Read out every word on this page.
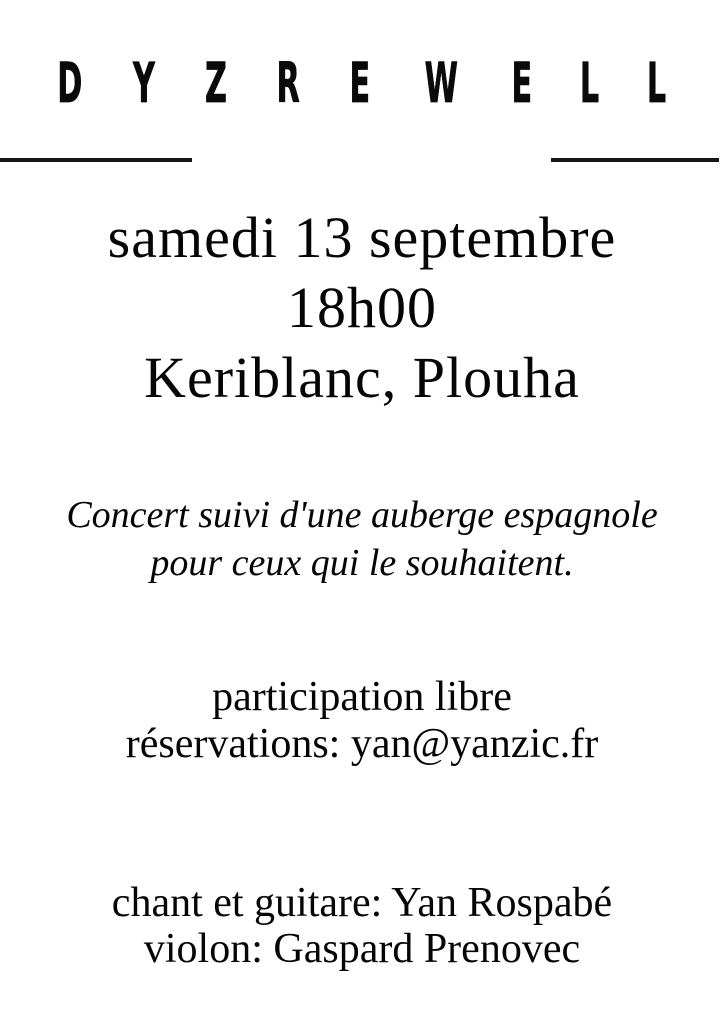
D Y Z R E W E L L
samedi 13 septembre
18h00
Keriblanc, Plouha
Concert suivi d'une auberge espagnole
pour ceux qui le souhaitent.
participation libre
réservations: yan@yanzic.fr
chant et guitare: Yan Rospabé
violon: Gaspard Prenovec
